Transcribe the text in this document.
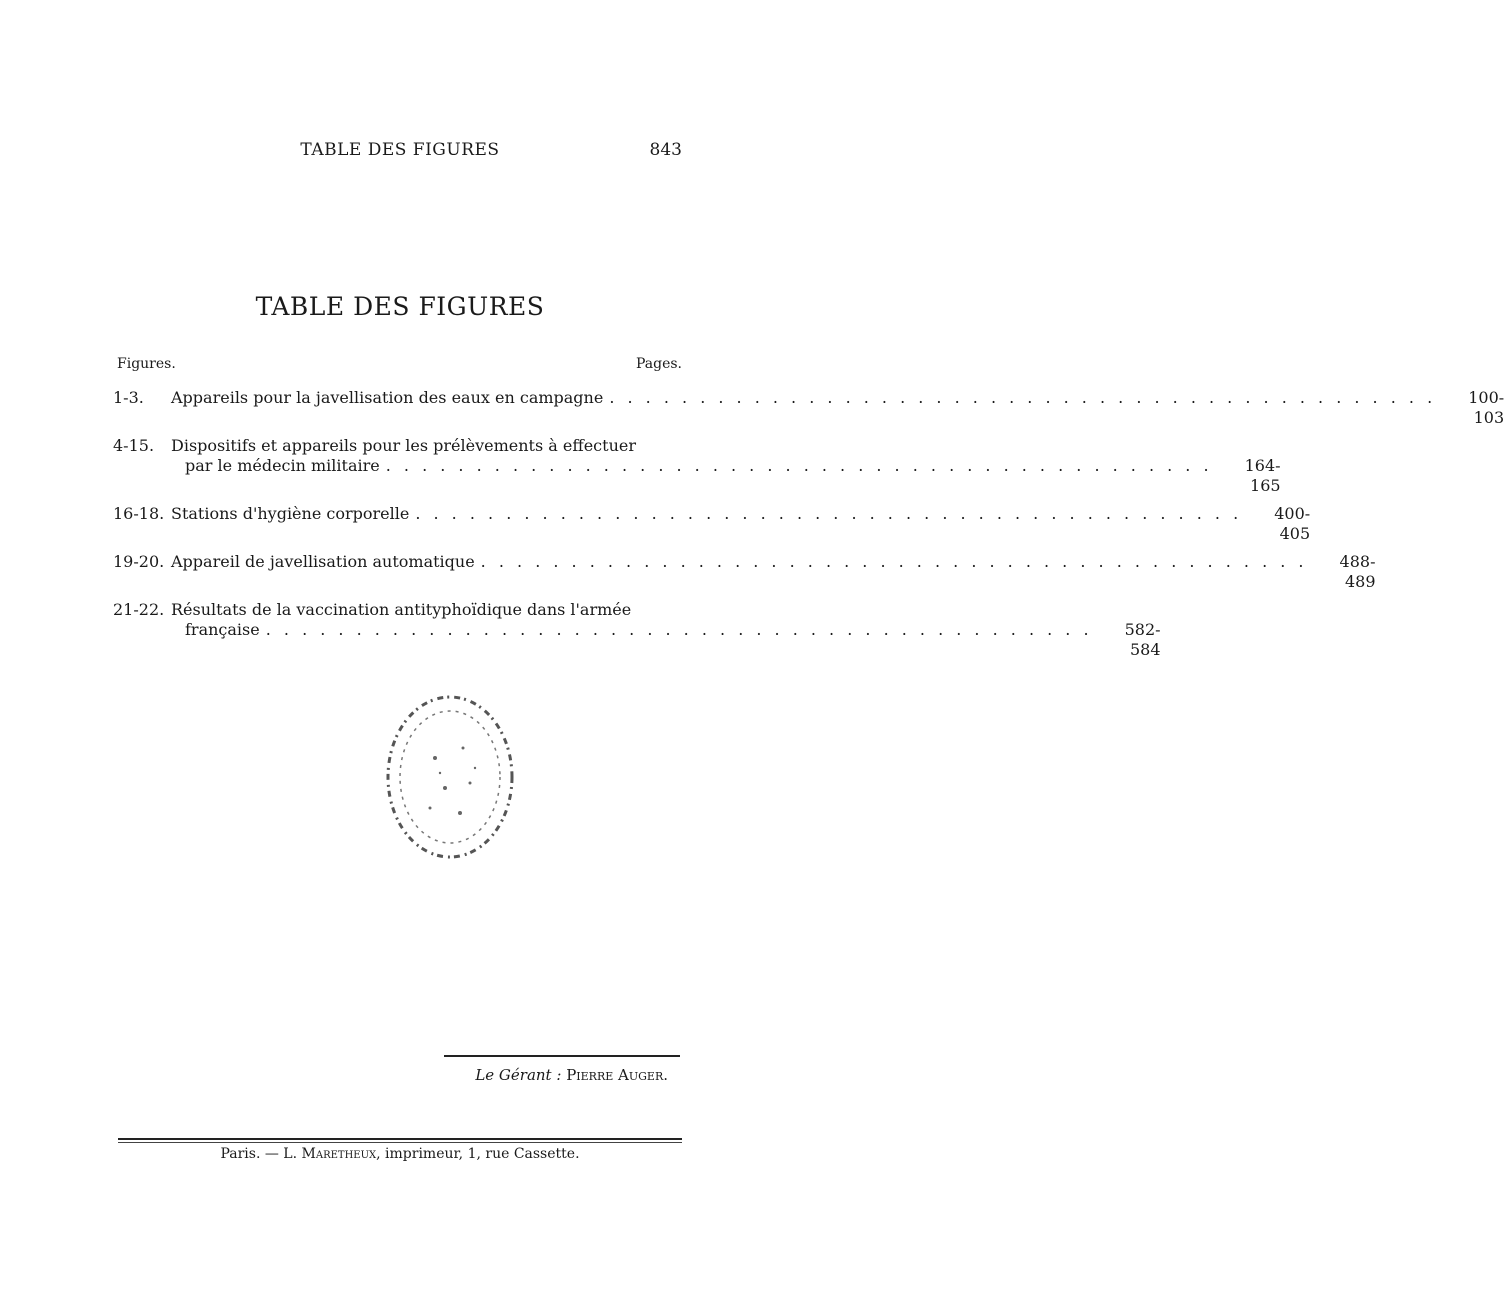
TABLE DES FIGURES	843
TABLE DES FIGURES
Figures.	Pages.
1-3.	Appareils pour la javellisation des eaux en campagne . . .	100-103
4-15.	Dispositifs et appareils pour les prélèvements à effectuer
par le médecin militaire . . .	164-165
16-18. Stations d'hygiène corporelle . . .	400-405
19-20. Appareil de javellisation automatique . . .	488-489
21-22. Résultats de la vaccination antityphoïdique dans l'armée
française . . .	582-584
Le Gérant : Pierre Auger.
Paris. — L. Maretheux, imprimeur, 1, rue Cassette.
